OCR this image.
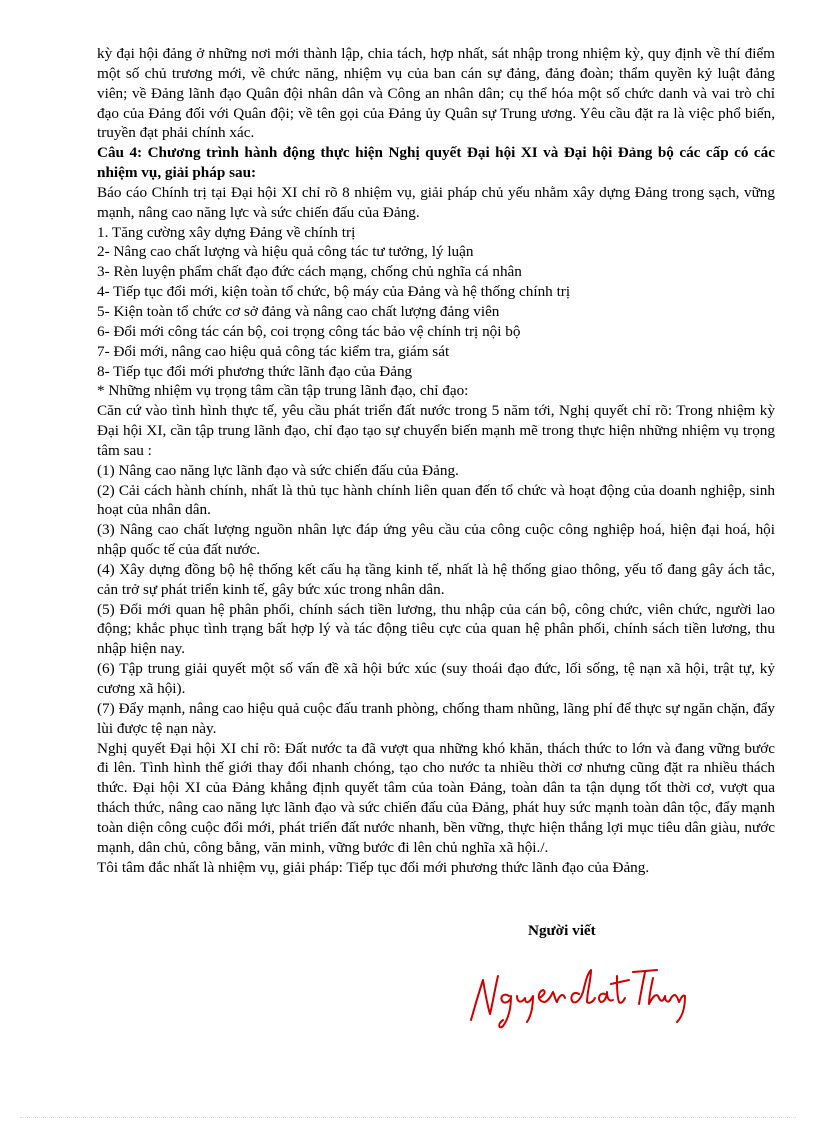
kỳ đại hội đảng ở những nơi mới thành lập, chia tách, hợp nhất, sát nhập trong nhiệm kỳ, quy định về thí điểm một số chủ trương mới, về chức năng, nhiệm vụ của ban cán sự đảng, đảng đoàn; thẩm quyền kỷ luật đảng viên; về Đảng lãnh đạo Quân đội nhân dân và Công an nhân dân; cụ thể hóa một số chức danh và vai trò chỉ đạo của Đảng đối với Quân đội; về tên gọi của Đảng ủy Quân sự Trung ương. Yêu cầu đặt ra là việc phổ biến, truyền đạt phải chính xác.

Câu 4: Chương trình hành động thực hiện Nghị quyết Đại hội XI và Đại hội Đảng bộ các cấp có các nhiệm vụ, giải pháp sau:

Báo cáo Chính trị tại Đại hội XI chỉ rõ 8 nhiệm vụ, giải pháp chủ yếu nhằm xây dựng Đảng trong sạch, vững mạnh, nâng cao năng lực và sức chiến đấu của Đảng.

1. Tăng cường xây dựng Đảng về chính trị

2- Nâng cao chất lượng và hiệu quả công tác tư tưởng, lý luận

3- Rèn luyện phẩm chất đạo đức cách mạng, chống chủ nghĩa cá nhân

4- Tiếp tục đổi mới, kiện toàn tổ chức, bộ máy của Đảng và hệ thống chính trị

5- Kiện toàn tổ chức cơ sở đảng và nâng cao chất lượng đảng viên

6- Đổi mới công tác cán bộ, coi trọng công tác bảo vệ chính trị nội bộ

7- Đổi mới, nâng cao hiệu quả công tác kiểm tra, giám sát

8- Tiếp tục đổi mới phương thức lãnh đạo của Đảng

* Những nhiệm vụ trọng tâm cần tập trung lãnh đạo, chỉ đạo:

Căn cứ vào tình hình thực tế, yêu cầu phát triển đất nước trong 5 năm tới, Nghị quyết chỉ rõ: Trong nhiệm kỳ Đại hội XI, cần tập trung lãnh đạo, chỉ đạo tạo sự chuyển biến mạnh mẽ trong thực hiện những nhiệm vụ trọng tâm sau :

(1) Nâng cao năng lực lãnh đạo và sức chiến đấu của Đảng.

(2) Cải cách hành chính, nhất là thủ tục hành chính liên quan đến tổ chức và hoạt động của doanh nghiệp, sinh hoạt của nhân dân.

(3) Nâng cao chất lượng nguồn nhân lực đáp ứng yêu cầu của công cuộc công nghiệp hoá, hiện đại hoá, hội nhập quốc tế của đất nước.

(4) Xây dựng đồng bộ hệ thống kết cấu hạ tầng kinh tế, nhất là hệ thống giao thông, yếu tố đang gây ách tắc, cản trở sự phát triển kinh tế, gây bức xúc trong nhân dân.

(5) Đổi mới quan hệ phân phối, chính sách tiền lương, thu nhập của cán bộ, công chức, viên chức, người lao động; khắc phục tình trạng bất hợp lý và tác động tiêu cực của quan hệ phân phối, chính sách tiền lương, thu nhập hiện nay.

(6) Tập trung giải quyết một số vấn đề xã hội bức xúc (suy thoái đạo đức, lối sống, tệ nạn xã hội, trật tự, kỷ cương xã hội).

(7) Đẩy mạnh, nâng cao hiệu quả cuộc đấu tranh phòng, chống tham nhũng, lãng phí để thực sự ngăn chặn, đẩy lùi được tệ nạn này.

Nghị quyết Đại hội XI chỉ rõ: Đất nước ta đã vượt qua những khó khăn, thách thức to lớn và đang vững bước đi lên. Tình hình thế giới thay đổi nhanh chóng, tạo cho nước ta nhiều thời cơ nhưng cũng đặt ra nhiều thách thức. Đại hội XI của Đảng khẳng định quyết tâm của toàn Đảng, toàn dân ta tận dụng tốt thời cơ, vượt qua thách thức, nâng cao năng lực lãnh đạo và sức chiến đấu của Đảng, phát huy sức mạnh toàn dân tộc, đẩy mạnh toàn diện công cuộc đổi mới, phát triển đất nước nhanh, bền vững, thực hiện thắng lợi mục tiêu dân giàu, nước mạnh, dân chủ, công bằng, văn minh, vững bước đi lên chủ nghĩa xã hội./.

Tôi tâm đắc nhất là nhiệm vụ, giải pháp: Tiếp tục đổi mới phương thức lãnh đạo của Đảng.

Người viết
